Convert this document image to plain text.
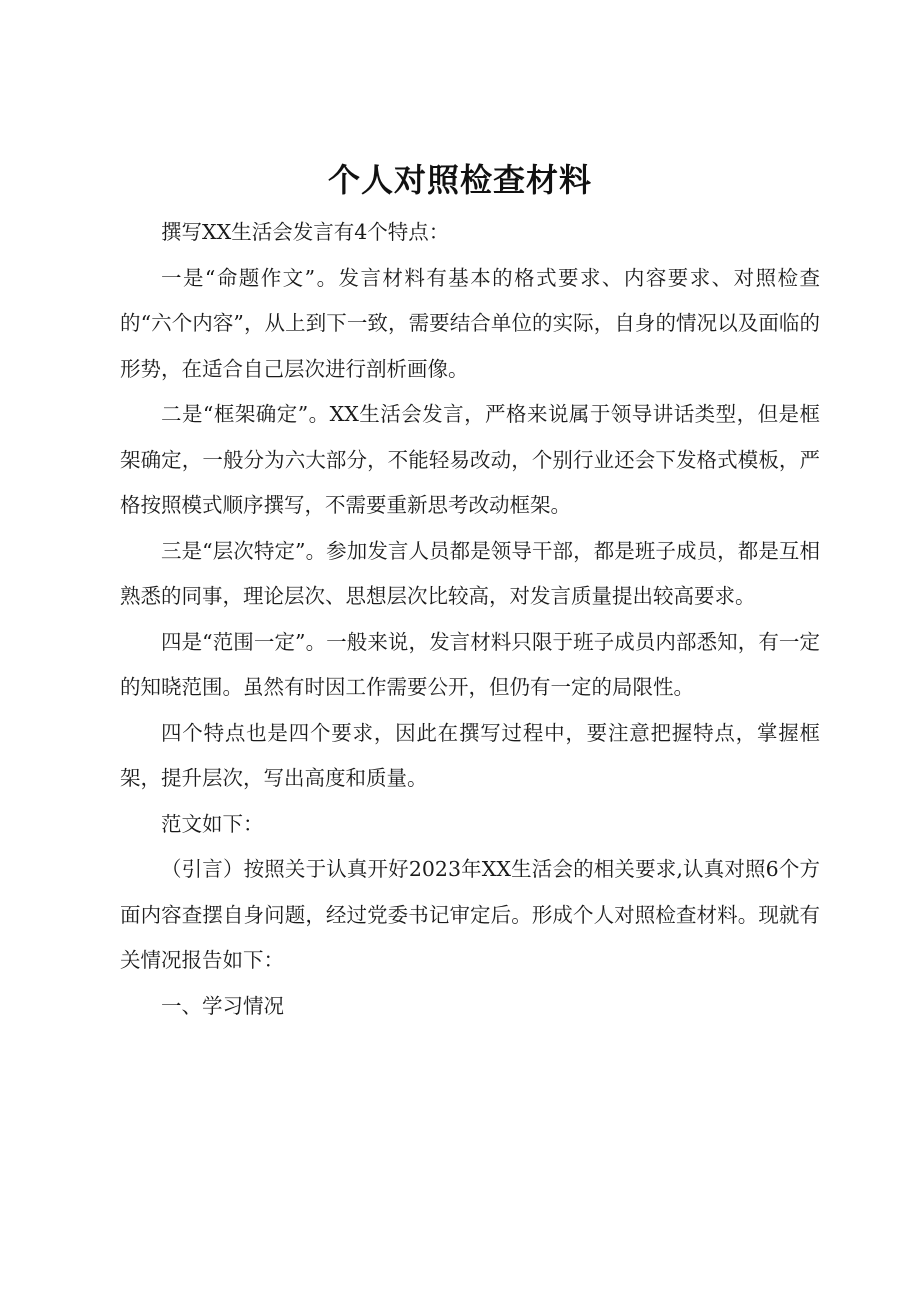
个人对照检查材料

撰写XX生活会发言有4个特点：

一是“命题作文”。发言材料有基本的格式要求、内容要求、对照检查的“六个内容”，从上到下一致，需要结合单位的实际，自身的情况以及面临的形势，在适合自己层次进行剖析画像。

二是“框架确定”。XX生活会发言，严格来说属于领导讲话类型，但是框架确定，一般分为六大部分，不能轻易改动，个别行业还会下发格式模板，严格按照模式顺序撰写，不需要重新思考改动框架。

三是“层次特定”。参加发言人员都是领导干部，都是班子成员，都是互相熟悉的同事，理论层次、思想层次比较高，对发言质量提出较高要求。

四是“范围一定”。一般来说，发言材料只限于班子成员内部悉知，有一定的知晓范围。虽然有时因工作需要公开，但仍有一定的局限性。

四个特点也是四个要求，因此在撰写过程中，要注意把握特点，掌握框架，提升层次，写出高度和质量。

范文如下：

（引言）按照关于认真开好2023年XX生活会的相关要求,认真对照6个方面内容查摆自身问题，经过党委书记审定后。形成个人对照检查材料。现就有关情况报告如下：

一、学习情况
